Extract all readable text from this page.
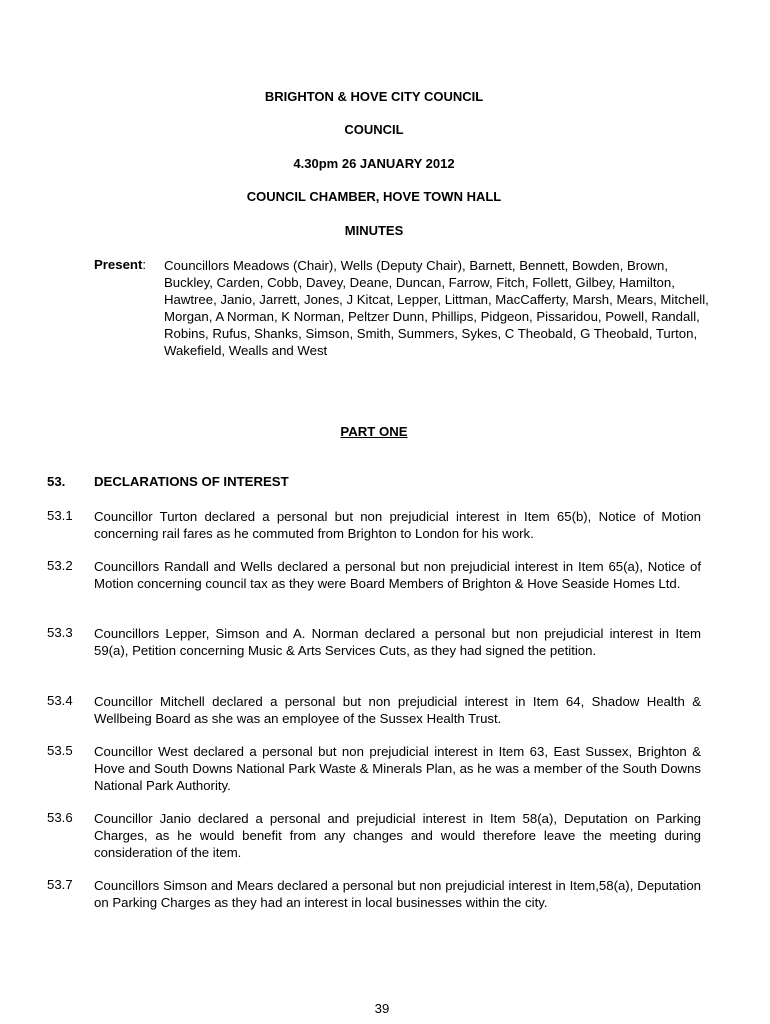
BRIGHTON & HOVE CITY COUNCIL
COUNCIL
4.30pm 26 JANUARY 2012
COUNCIL CHAMBER, HOVE TOWN HALL
MINUTES
Present: Councillors Meadows (Chair), Wells (Deputy Chair), Barnett, Bennett, Bowden, Brown, Buckley, Carden, Cobb, Davey, Deane, Duncan, Farrow, Fitch, Follett, Gilbey, Hamilton, Hawtree, Janio, Jarrett, Jones, J Kitcat, Lepper, Littman, MacCafferty, Marsh, Mears, Mitchell, Morgan, A Norman, K Norman, Peltzer Dunn, Phillips, Pidgeon, Pissaridou, Powell, Randall, Robins, Rufus, Shanks, Simson, Smith, Summers, Sykes, C Theobald, G Theobald, Turton, Wakefield, Wealls and West
PART ONE
53. DECLARATIONS OF INTEREST
53.1 Councillor Turton declared a personal but non prejudicial interest in Item 65(b), Notice of Motion concerning rail fares as he commuted from Brighton to London for his work.
53.2 Councillors Randall and Wells declared a personal but non prejudicial interest in Item 65(a), Notice of Motion concerning council tax as they were Board Members of Brighton & Hove Seaside Homes Ltd.
53.3 Councillors Lepper, Simson and A. Norman declared a personal but non prejudicial interest in Item 59(a), Petition concerning Music & Arts Services Cuts, as they had signed the petition.
53.4 Councillor Mitchell declared a personal but non prejudicial interest in Item 64, Shadow Health & Wellbeing Board as she was an employee of the Sussex Health Trust.
53.5 Councillor West declared a personal but non prejudicial interest in Item 63, East Sussex, Brighton & Hove and South Downs National Park Waste & Minerals Plan, as he was a member of the South Downs National Park Authority.
53.6 Councillor Janio declared a personal and prejudicial interest in Item 58(a), Deputation on Parking Charges, as he would benefit from any changes and would therefore leave the meeting during consideration of the item.
53.7 Councillors Simson and Mears declared a personal but non prejudicial interest in Item,58(a), Deputation on Parking Charges as they had an interest in local businesses within the city.
39
